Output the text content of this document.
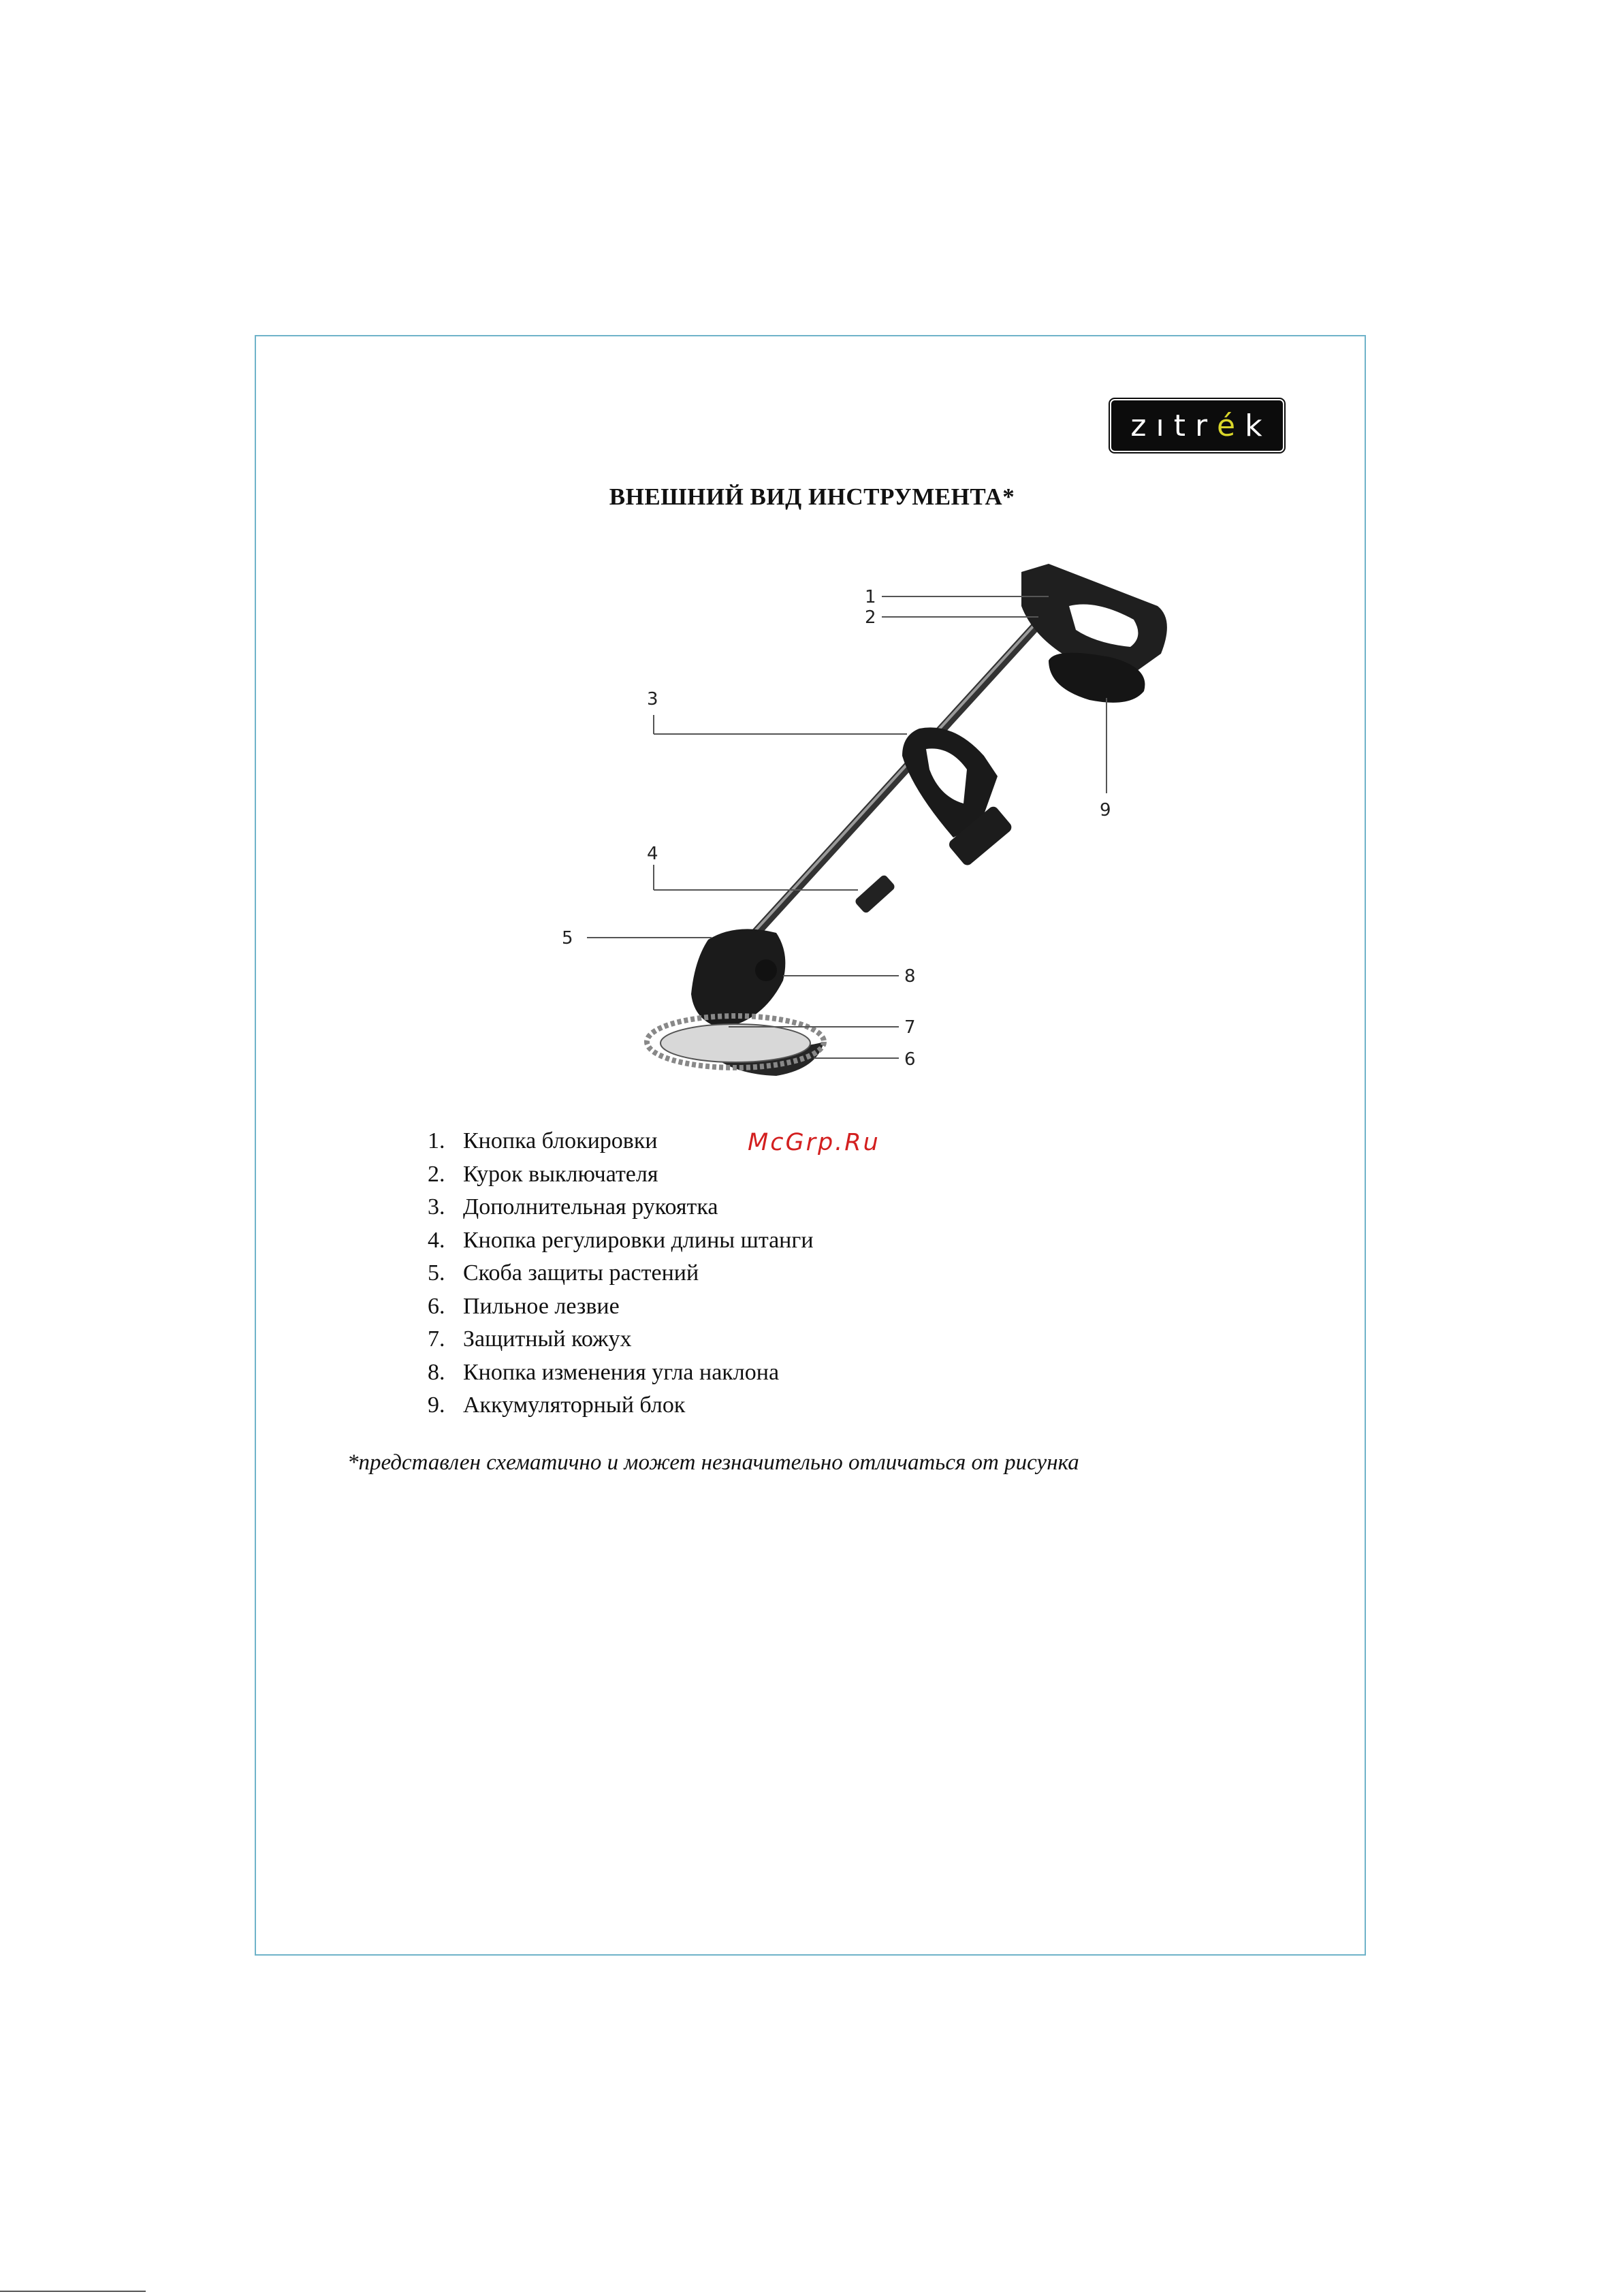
zıtr é k
ВНЕШНИЙ ВИД ИНСТРУМЕНТА*
1
2
3
4
5
6
7
8
9
1. Кнопка блокировки
2. Курок выключателя
3. Дополнительная рукоятка
4. Кнопка регулировки длины штанги
5. Скоба защиты растений
6. Пильное лезвие
7. Защитный кожух
8. Кнопка изменения угла наклона
9. Аккумуляторный блок
McGrp.Ru
*представлен схематично и может незначительно отличаться от рисунка
